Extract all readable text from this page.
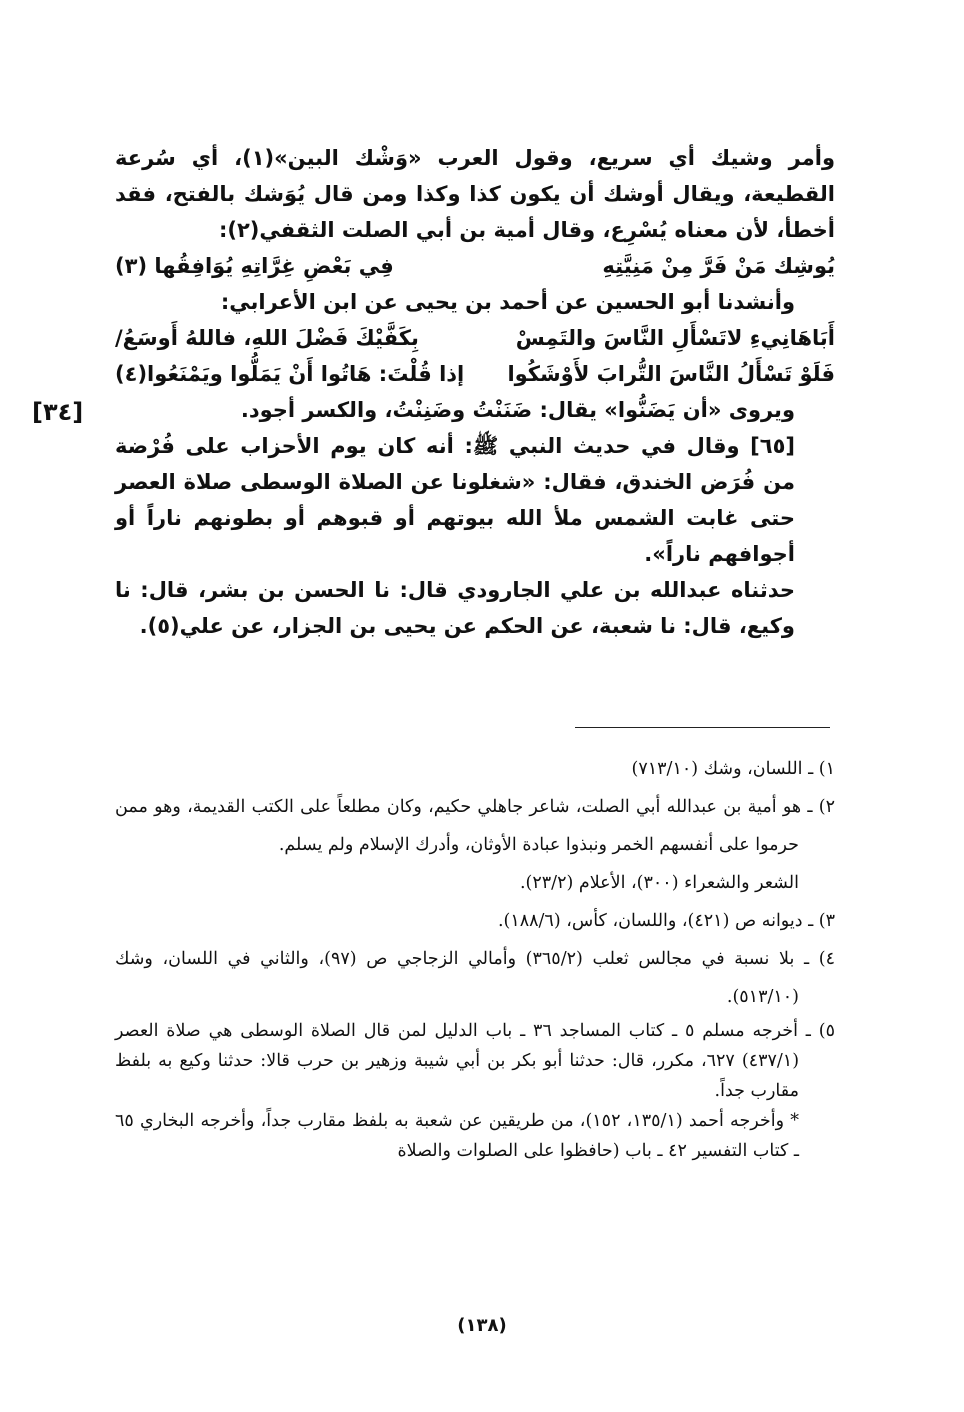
وأمر وشيك أي سريع، وقول العرب «وَشْك البين»(١)، أي سُرعة القطيعة، ويقال أوشك أن يكون كذا وكذا ومن قال يُوَشك بالفتح، فقد أخطأ، لأن معناه يُسْرِع، وقال أمية بن أبي الصلت الثقفي(٢):

يُوشِك مَنْ فَرَّ مِنْ مَنِيَّتِهِ
فِي بَعْضِ غِرَّاتِهِ يُوَافِقُها (٣)

وأنشدنا أبو الحسين عن أحمد بن يحيى عن ابن الأعرابي:

أَبَاهَانِيءِ لاتَسْأَلِ النَّاسَ والتَمِسْ
بِكَفَّيْكَ فَضْلَ اللهِ، فاللهُ أَوسَعُ/
فَلَوْ تَسْأَلُ النَّاسَ التُّرابَ لأَوْشَكُوا
إذا قُلْتَ: هَاتُوا أَنْ يَمَلُّوا ويَمْنَعُوا(٤)

ويروى «أن يَضَنُّوا» يقال: ضَنَنْتُ وضَنِنْتُ، والكسر أجود.

[٦٥] وقال في حديث النبي ﷺ: أنه كان يوم الأحزاب على فُرْضة من فُرَض الخندق، فقال: «شغلونا عن الصلاة الوسطى صلاة العصر حتى غابت الشمس ملأ الله بيوتهم أو قبوهم أو بطونهم ناراً أو أجوافهم ناراً».

حدثناه عبدالله بن علي الجارودي قال: نا الحسن بن بشر، قال: نا وكيع، قال: نا شعبة، عن الحكم عن يحيى بن الجزار، عن علي(٥).

[٣٤]

١) ـ اللسان، وشك (٧١٣/١٠)

٢) ـ هو أمية بن عبدالله أبي الصلت، شاعر جاهلي حكيم، وكان مطلعاً على الكتب القديمة، وهو ممن حرموا على أنفسهم الخمر ونبذوا عبادة الأوثان، وأدرك الإسلام ولم يسلم.

الشعر والشعراء (٣٠٠)، الأعلام (٢٣/٢).

٣) ـ ديوانه ص (٤٢١)، واللسان، كأس، (١٨٨/٦).

٤) ـ بلا نسبة في مجالس ثعلب (٣٦٥/٢) وأمالي الزجاجي ص (٩٧)، والثاني في اللسان، وشك (٥١٣/١٠).

٥) ـ أخرجه مسلم ٥ ـ كتاب المساجد ٣٦ ـ باب الدليل لمن قال الصلاة الوسطى هي صلاة العصر (٤٣٧/١) ٦٢٧، مكرر، قال: حدثنا أبو بكر بن أبي شيبة وزهير بن حرب قالا: حدثنا وكيع به بلفظ مقارب جداً.

* وأخرجه أحمد (١٣٥/١، ١٥٢)، من طريقين عن شعبة به بلفظ مقارب جداً، وأخرجه البخاري ٦٥ ـ كتاب التفسير ٤٢ ـ باب (حافظوا على الصلوات والصلاة

(١٣٨)
